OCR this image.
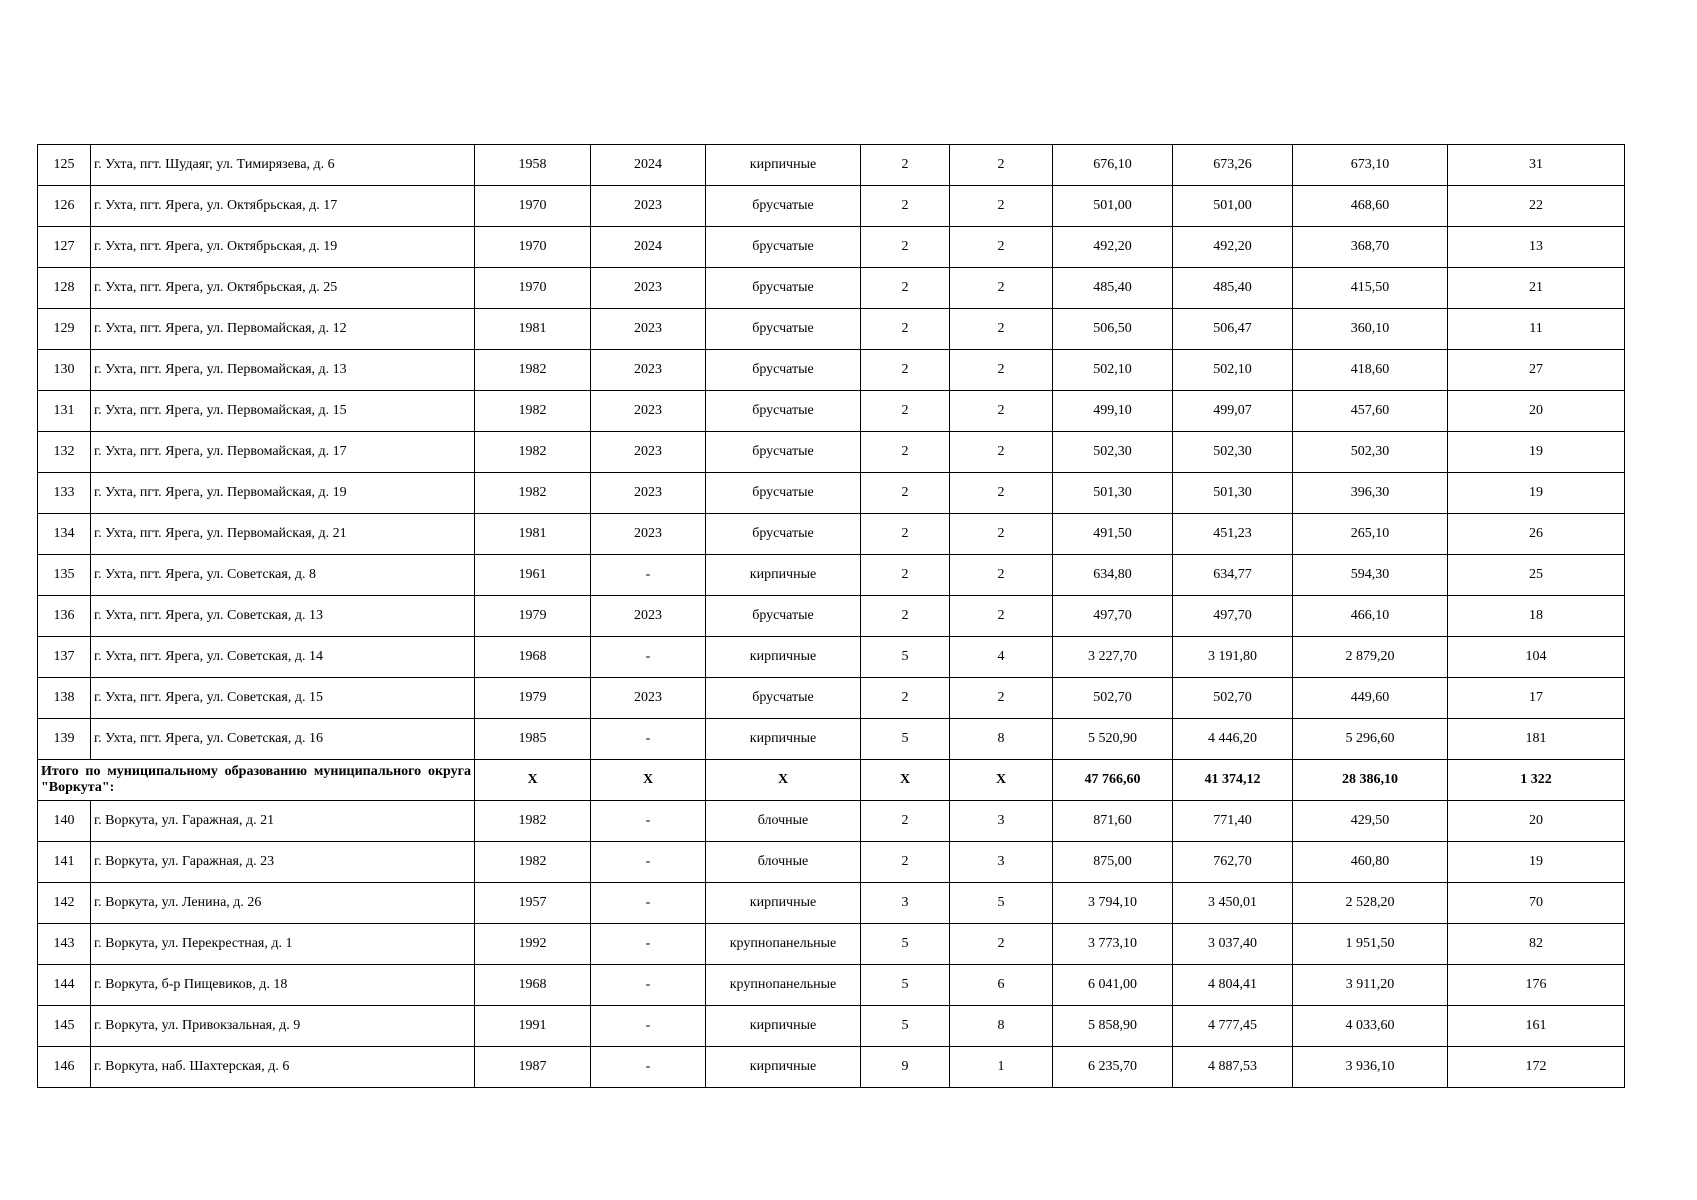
125	г. Ухта, пгт. Шудаяг, ул. Тимирязева, д. 6	1958	2024	кирпичные	2	2	676,10	673,26	673,10	31
126	г. Ухта, пгт. Ярега, ул. Октябрьская, д. 17	1970	2023	брусчатые	2	2	501,00	501,00	468,60	22
127	г. Ухта, пгт. Ярега, ул. Октябрьская, д. 19	1970	2024	брусчатые	2	2	492,20	492,20	368,70	13
128	г. Ухта, пгт. Ярега, ул. Октябрьская, д. 25	1970	2023	брусчатые	2	2	485,40	485,40	415,50	21
129	г. Ухта, пгт. Ярега, ул. Первомайская, д. 12	1981	2023	брусчатые	2	2	506,50	506,47	360,10	11
130	г. Ухта, пгт. Ярега, ул. Первомайская, д. 13	1982	2023	брусчатые	2	2	502,10	502,10	418,60	27
131	г. Ухта, пгт. Ярега, ул. Первомайская, д. 15	1982	2023	брусчатые	2	2	499,10	499,07	457,60	20
132	г. Ухта, пгт. Ярега, ул. Первомайская, д. 17	1982	2023	брусчатые	2	2	502,30	502,30	502,30	19
133	г. Ухта, пгт. Ярега, ул. Первомайская, д. 19	1982	2023	брусчатые	2	2	501,30	501,30	396,30	19
134	г. Ухта, пгт. Ярега, ул. Первомайская, д. 21	1981	2023	брусчатые	2	2	491,50	451,23	265,10	26
135	г. Ухта, пгт. Ярега, ул. Советская, д. 8	1961	-	кирпичные	2	2	634,80	634,77	594,30	25
136	г. Ухта, пгт. Ярега, ул. Советская, д. 13	1979	2023	брусчатые	2	2	497,70	497,70	466,10	18
137	г. Ухта, пгт. Ярега, ул. Советская, д. 14	1968	-	кирпичные	5	4	3 227,70	3 191,80	2 879,20	104
138	г. Ухта, пгт. Ярега, ул. Советская, д. 15	1979	2023	брусчатые	2	2	502,70	502,70	449,60	17
139	г. Ухта, пгт. Ярега, ул. Советская, д. 16	1985	-	кирпичные	5	8	5 520,90	4 446,20	5 296,60	181
Итого по муниципальному образованию муниципального округа "Воркута":		X	X	X	X	X	47 766,60	41 374,12	28 386,10	1 322
140	г. Воркута, ул. Гаражная, д. 21	1982	-	блочные	2	3	871,60	771,40	429,50	20
141	г. Воркута, ул. Гаражная, д. 23	1982	-	блочные	2	3	875,00	762,70	460,80	19
142	г. Воркута, ул. Ленина, д. 26	1957	-	кирпичные	3	5	3 794,10	3 450,01	2 528,20	70
143	г. Воркута, ул. Перекрестная, д. 1	1992	-	крупнопанельные	5	2	3 773,10	3 037,40	1 951,50	82
144	г. Воркута, б-р Пищевиков, д. 18	1968	-	крупнопанельные	5	6	6 041,00	4 804,41	3 911,20	176
145	г. Воркута, ул. Привокзальная, д. 9	1991	-	кирпичные	5	8	5 858,90	4 777,45	4 033,60	161
146	г. Воркута, наб. Шахтерская, д. 6	1987	-	кирпичные	9	1	6 235,70	4 887,53	3 936,10	172
